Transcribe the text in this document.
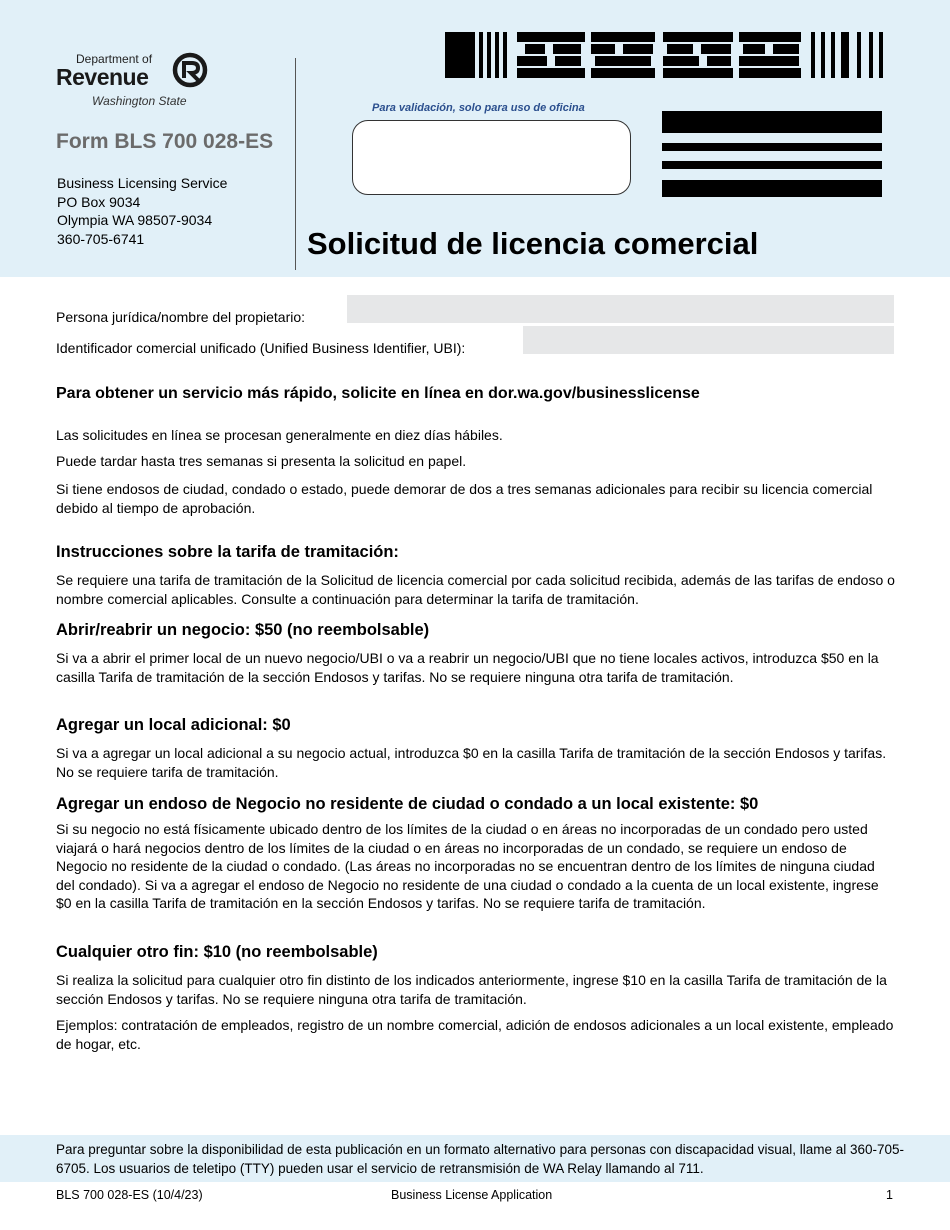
Department of
Revenue
Washington State
Form BLS 700 028-ES
Business Licensing Service
PO Box 9034
Olympia WA 98507-9034
360-705-6741
Para validación, solo para uso de oficina
Solicitud de licencia comercial
Persona jurídica/nombre del propietario:
Identificador comercial unificado (Unified Business Identifier, UBI):
Para obtener un servicio más rápido, solicite en línea en dor.wa.gov/businesslicense
Las solicitudes en línea se procesan generalmente en diez días hábiles.
Puede tardar hasta tres semanas si presenta la solicitud en papel.
Si tiene endosos de ciudad, condado o estado, puede demorar de dos a tres semanas adicionales para recibir su licencia comercial debido al tiempo de aprobación.
Instrucciones sobre la tarifa de tramitación:
Se requiere una tarifa de tramitación de la Solicitud de licencia comercial por cada solicitud recibida, además de las tarifas de endoso o nombre comercial aplicables. Consulte a continuación para determinar la tarifa de tramitación.
Abrir/reabrir un negocio: $50 (no reembolsable)
Si va a abrir el primer local de un nuevo negocio/UBI o va a reabrir un negocio/UBI que no tiene locales activos, introduzca $50 en la casilla Tarifa de tramitación de la sección Endosos y tarifas. No se requiere ninguna otra tarifa de tramitación.
Agregar un local adicional: $0
Si va a agregar un local adicional a su negocio actual, introduzca $0 en la casilla Tarifa de tramitación de la sección Endosos y tarifas. No se requiere tarifa de tramitación.
Agregar un endoso de Negocio no residente de ciudad o condado a un local existente: $0
Si su negocio no está físicamente ubicado dentro de los límites de la ciudad o en áreas no incorporadas de un condado pero usted viajará o hará negocios dentro de los límites de la ciudad o en áreas no incorporadas de un condado, se requiere un endoso de Negocio no residente de la ciudad o condado. (Las áreas no incorporadas no se encuentran dentro de los límites de ninguna ciudad del condado). Si va a agregar el endoso de Negocio no residente de una ciudad o condado a la cuenta de un local existente, ingrese $0 en la casilla Tarifa de tramitación en la sección Endosos y tarifas. No se requiere tarifa de tramitación.
Cualquier otro fin: $10 (no reembolsable)
Si realiza la solicitud para cualquier otro fin distinto de los indicados anteriormente, ingrese $10 en la casilla Tarifa de tramitación de la sección Endosos y tarifas. No se requiere ninguna otra tarifa de tramitación.
Ejemplos: contratación de empleados, registro de un nombre comercial, adición de endosos adicionales a un local existente, empleado de hogar, etc.
Para preguntar sobre la disponibilidad de esta publicación en un formato alternativo para personas con discapacidad visual, llame al 360-705-6705. Los usuarios de teletipo (TTY) pueden usar el servicio de retransmisión de WA Relay llamando al 711.
BLS 700 028-ES (10/4/23)	Business License Application	1
